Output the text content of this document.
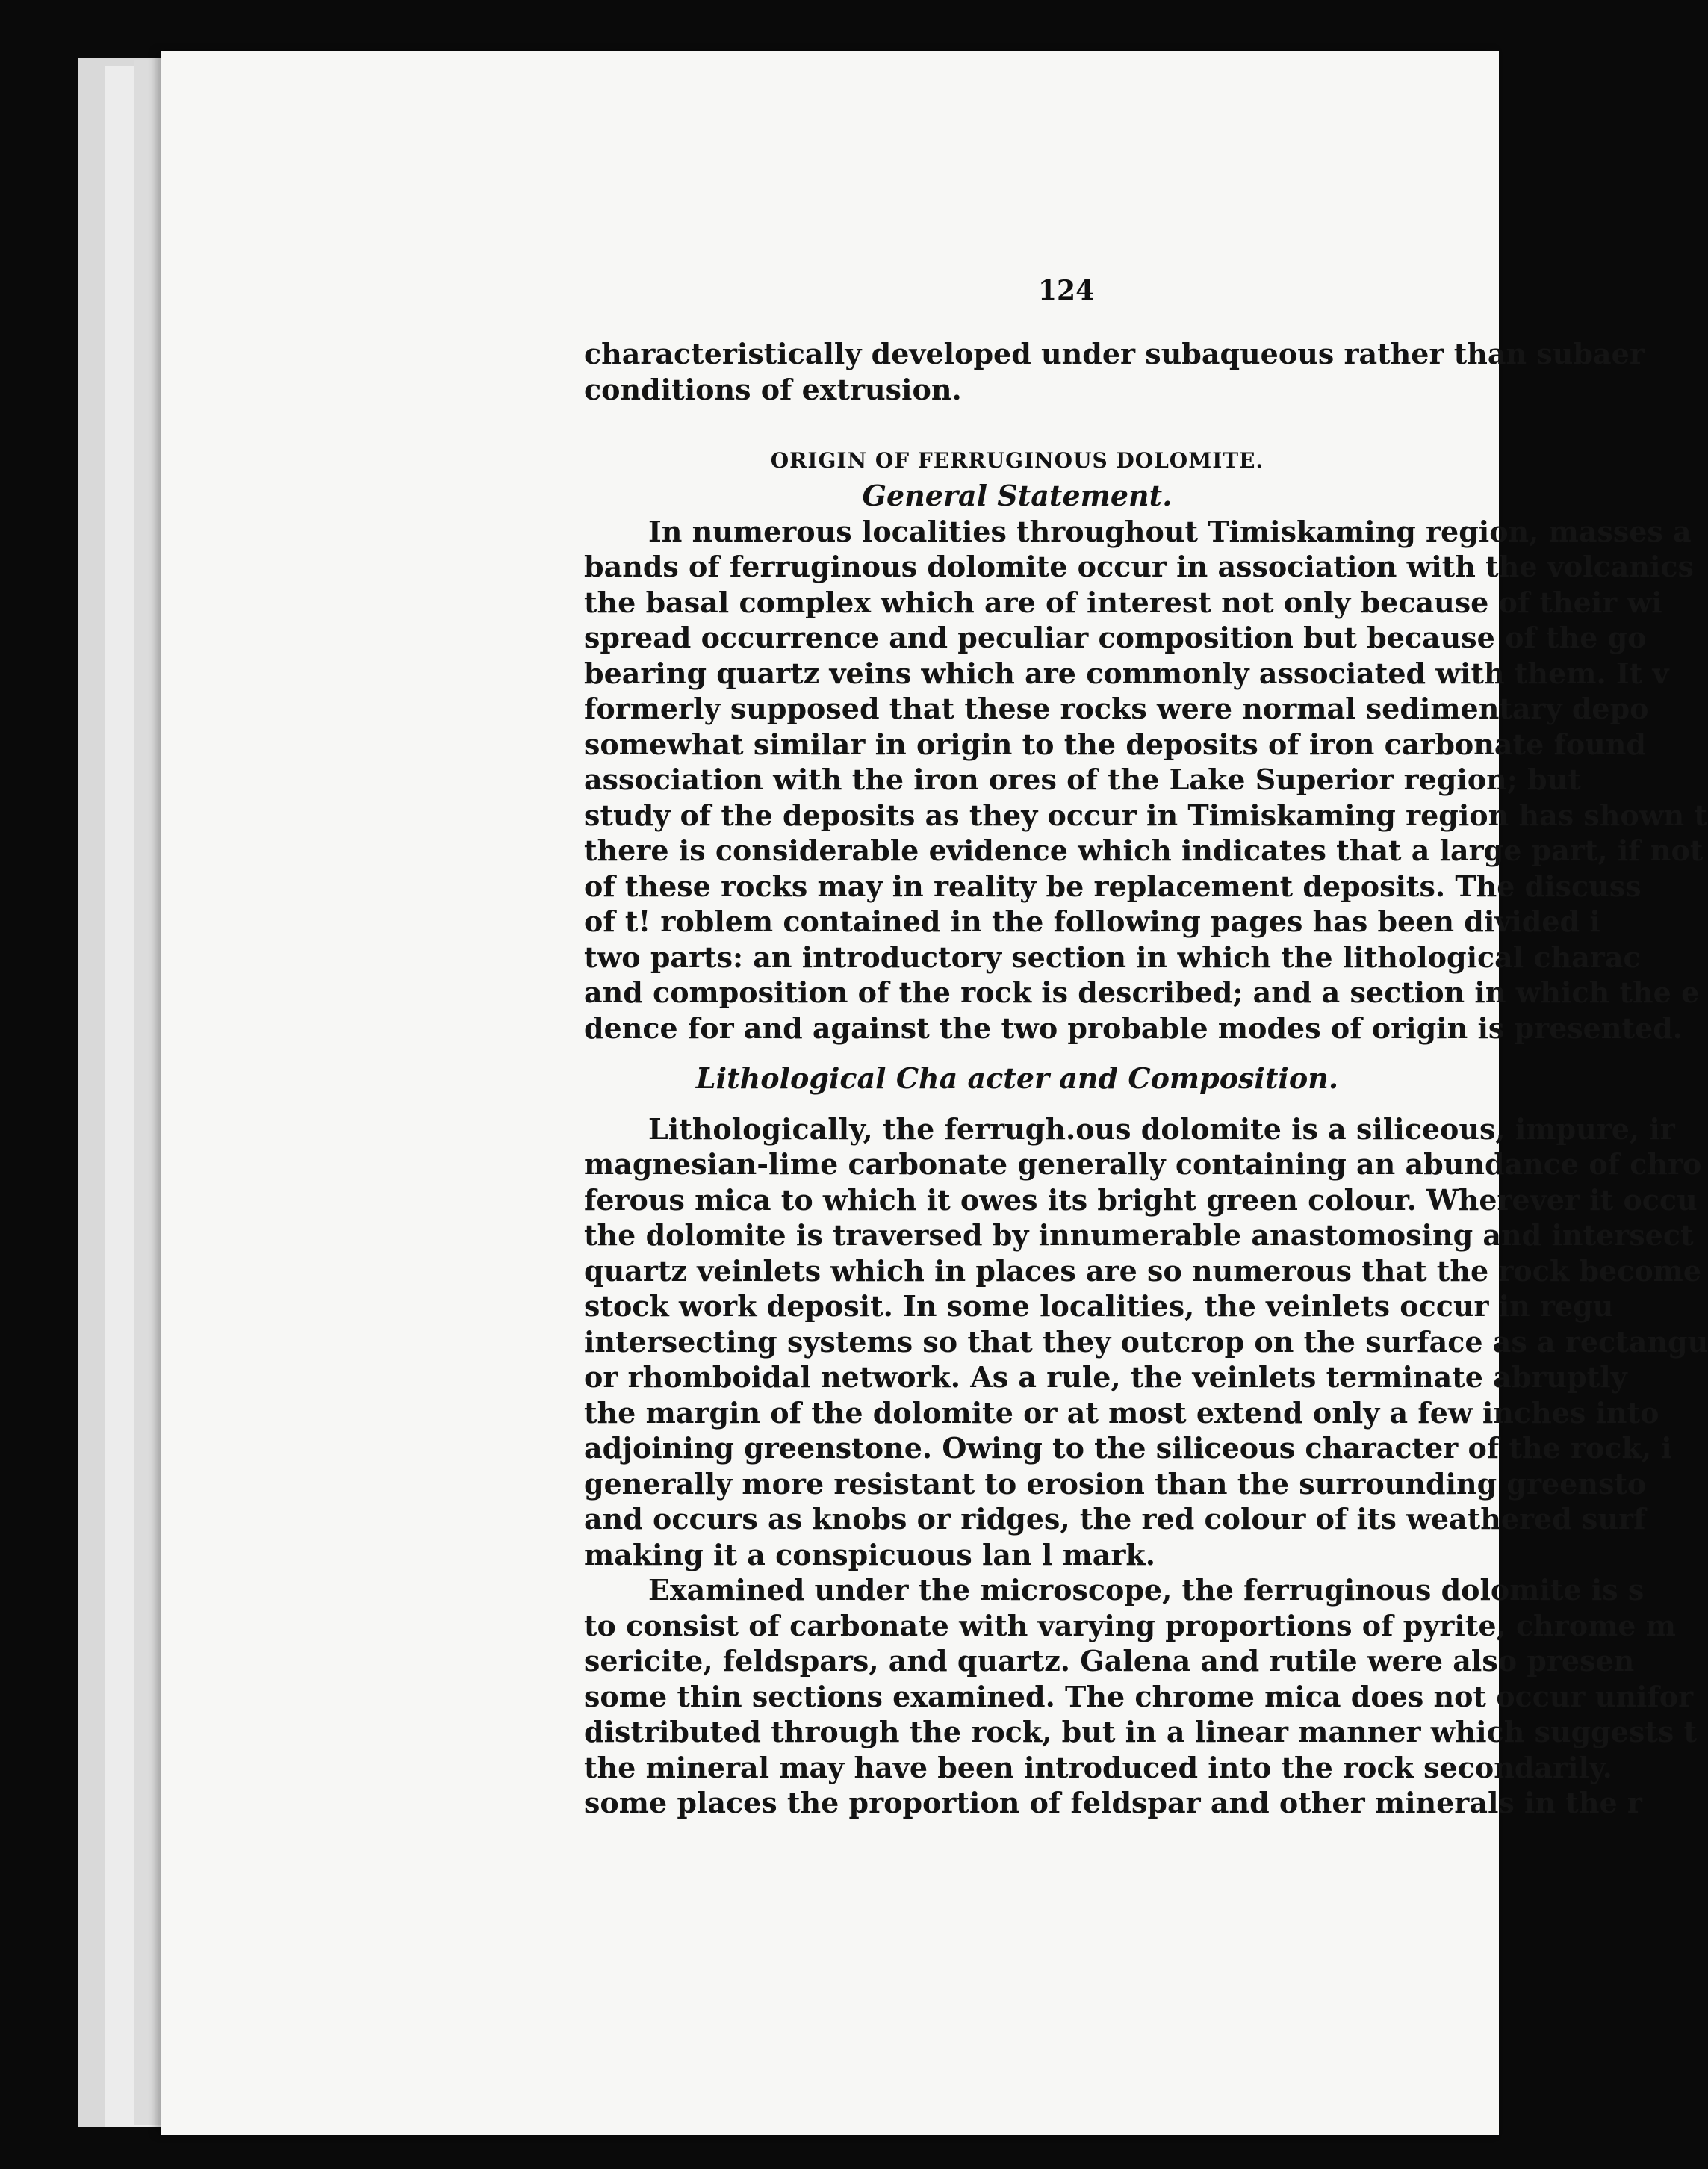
124
characteristically developed under subaqueous rather than subaer
conditions of extrusion.
ORIGIN OF FERRUGINOUS DOLOMITE.
General Statement.
In numerous localities throughout Timiskaming region, masses a
bands of ferruginous dolomite occur in association with the volcanics
the basal complex which are of interest not only because of their wi
spread occurrence and peculiar composition but because of the go
bearing quartz veins which are commonly associated with them. It v
formerly supposed that these rocks were normal sedimentary depo
somewhat similar in origin to the deposits of iron carbonate found
association with the iron ores of the Lake Superior region; but
study of the deposits as they occur in Timiskaming region has shown t
there is considerable evidence which indicates that a large part, if not
of these rocks may in reality be replacement deposits. The discuss
of t! roblem contained in the following pages has been divided i
two parts: an introductory section in which the lithological charac
and composition of the rock is described; and a section in which the e
dence for and against the two probable modes of origin is presented.
Lithological Cha acter and Composition.
Lithologically, the ferrugh.ous dolomite is a siliceous, impure, ir
magnesian-lime carbonate generally containing an abundance of chro
ferous mica to which it owes its bright green colour. Wherever it occu
the dolomite is traversed by innumerable anastomosing and intersect
quartz veinlets which in places are so numerous that the rock become
stock work deposit. In some localities, the veinlets occur in regu
intersecting systems so that they outcrop on the surface as a rectangu
or rhomboidal network. As a rule, the veinlets terminate abruptly
the margin of the dolomite or at most extend only a few inches into
adjoining greenstone. Owing to the siliceous character of the rock, i
generally more resistant to erosion than the surrounding greensto
and occurs as knobs or ridges, the red colour of its weathered surf
making it a conspicuous lan l mark.
Examined under the microscope, the ferruginous dolomite is s
to consist of carbonate with varying proportions of pyrite, chrome m
sericite, feldspars, and quartz. Galena and rutile were also presen
some thin sections examined. The chrome mica does not occur unifor
distributed through the rock, but in a linear manner which suggests t
the mineral may have been introduced into the rock secondarily.
some places the proportion of feldspar and other minerals in the r
